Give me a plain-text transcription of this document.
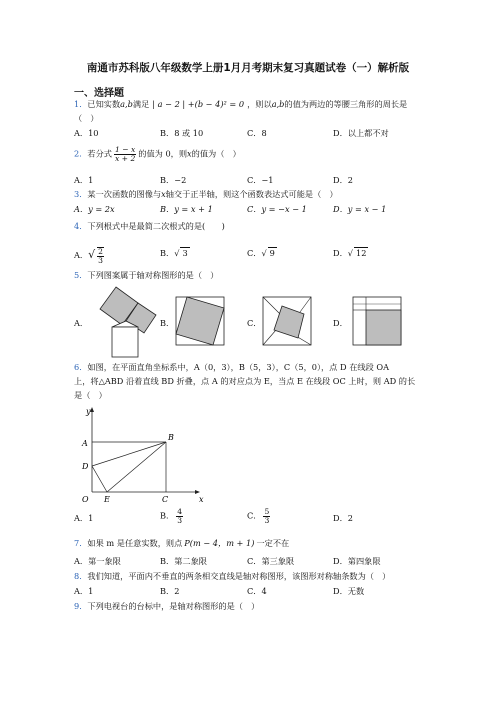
南通市苏科版八年级数学上册1月月考期末复习真题试卷（一）解析版
一、选择题
1．已知实数a,b满足 | a − 2 | +(b − 4)² = 0 ，则以a,b的值为两边的等腰三角形的周长是
（　）
A．10	B．8 或 10	C．8	D．以上都不对
2．若分式 $\frac{1 - x}{x + 2}$ 的值为 0，则x的值为（　）
A．1	B．−2	C．−1	D．2
3．某一次函数的图像与x轴交于正半轴，则这个函数表达式可能是（　）
A．y = 2x	B．y = x + 1	C．y = −x − 1	D．y = x − 1
4．下列根式中是最简二次根式的是(　　)
A．√ $\frac{2}{3}$	B．√ 3	C．√ 9	D．√ 12
5．下列图案属于轴对称图形的是（　）
A．	B．	C．	D．
6．如图，在平面直角坐标系中，A（0，3），B（5，3），C（5，0），点 D 在线段 OA
上，将△ABD 沿着直线 BD 折叠，点 A 的对应点为 E，当点 E 在线段 OC 上时，则 AD 的长
是（　）
y
x
A
B
C
D
E
O
A．1	B． $\frac{4}{3}$	C． $\frac{5}{3}$	D．2
7．如果 m 是任意实数，则点 P(m − 4，m + 1) 一定不在
A．第一象限	B．第二象限	C．第三象限	D．第四象限
8．我们知道，平面内不垂直的两条相交直线是轴对称图形，该图形对称轴条数为（　）
A．1	B．2	C．4	D．无数
9．下列电视台的台标中，是轴对称图形的是（　）
